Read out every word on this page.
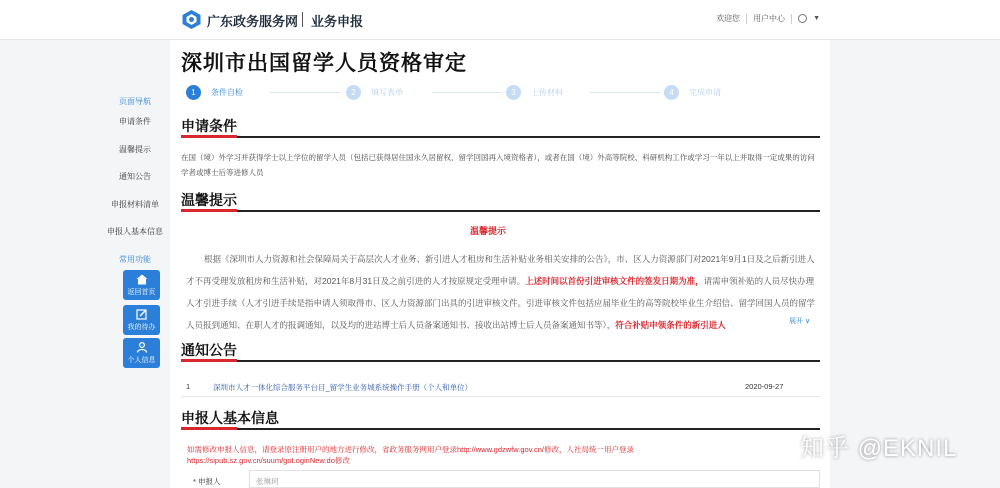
广东政务服务网 业务申报	欢迎您 用户中心	▼
页面导航
申请条件
温馨提示
通知公告
申报材料清单
申报人基本信息
常用功能
返回首页
我的待办
个人信息
深圳市出国留学人员资格审定
1	条件自检	2	填写表单	3	上传材料	4	完成申请
申请条件
在国（境）外学习并获得学士以上学位的留学人员（包括已获得居住国永久居留权、留学回国再入境资格者），或者在国（境）外高等院校、科研机构工作或学习一年以上并取得一定成果的访问学者或博士后等进修人员
温馨提示
温馨提示
根据《深圳市人力资源和社会保障局关于高层次人才业务、新引进人才租房和生活补贴业务相关安排的公告》，市、区人力资源部门对2021年9月1日及之后新引进人才不再受理发放租房和生活补贴，对2021年8月31日及之前引进的人才按原规定受理申请。上述时间以首份引进审核文件的签发日期为准，请需申领补贴的人员尽快办理人才引进手续（人才引进手续是指申请人须取得市、区人力资源部门出具的引进审核文件。引进审核文件包括应届毕业生的高等院校毕业生介绍信、留学回国人员的留学人员报到通知、在职人才的报调通知，以及均的进站博士后人员备案通知书、接收出站博士后人员备案通知书等），符合补贴申领条件的新引进人	展开 ∨
通知公告
1	深圳市人才一体化综合服务平台目_留学生业务城系统操作手册（个人和单位）	2020-09-27
申报人基本信息
如需修改申报人信息，请登录原注册用户的地方进行修改，省政务服务网用户登录http://www.gdzwfw.gov.cn/修改，人社局统一用户登录
https://sipub.sz.gov.cn/suum/goLoginNew.do修改
* 申报人	张琳珂
知乎 @EKNIL
